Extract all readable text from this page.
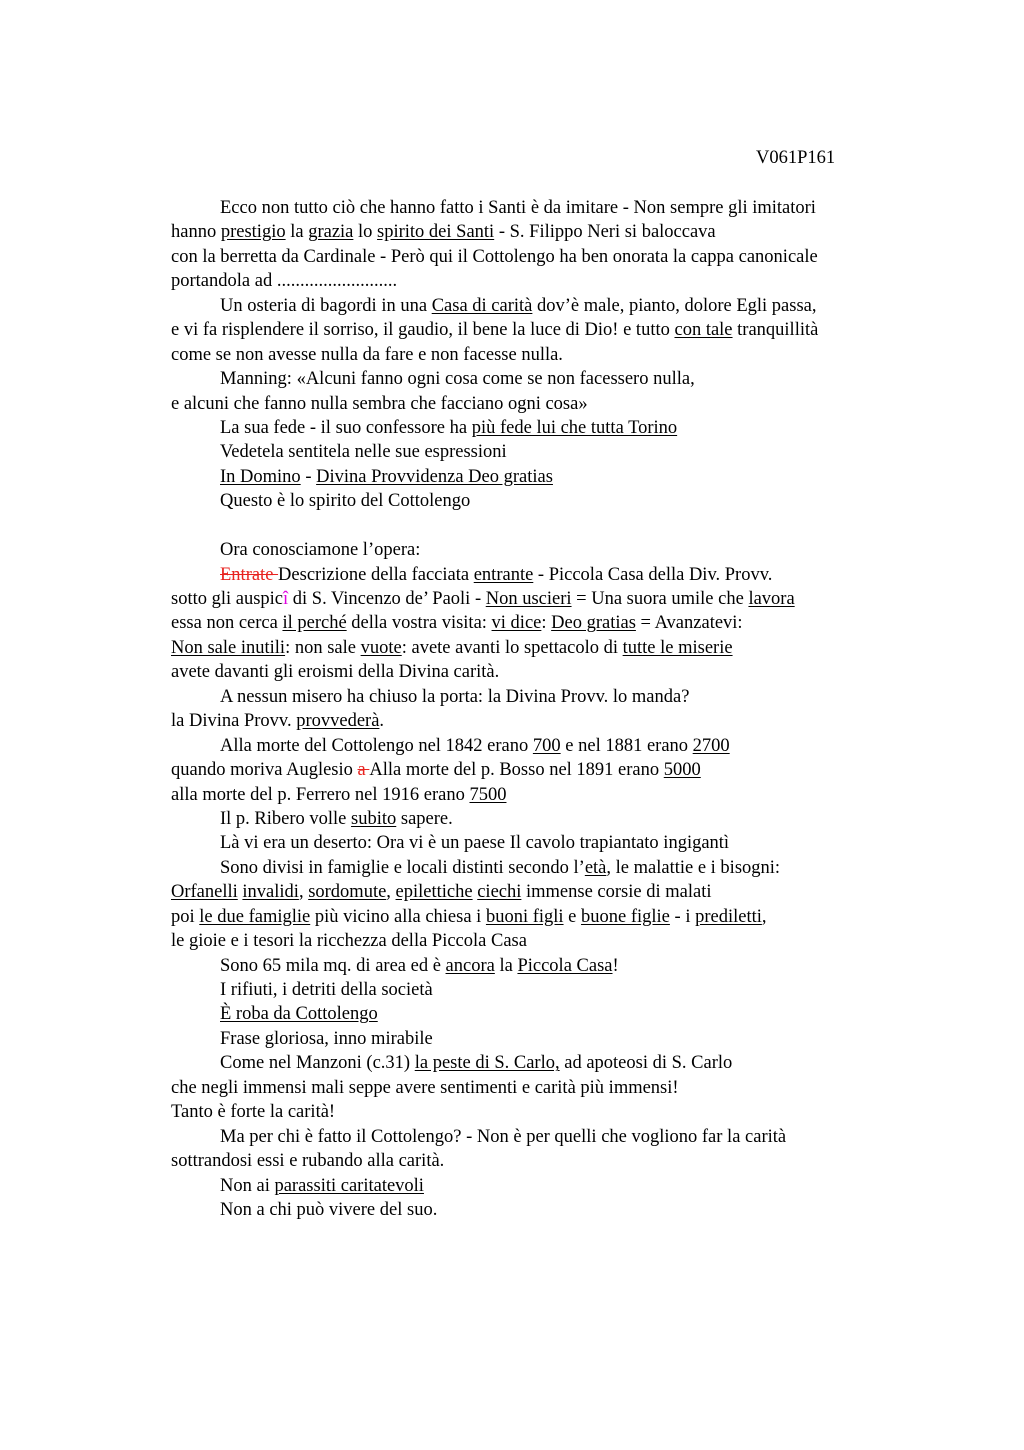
V061P161
Ecco non tutto ciò che hanno fatto i Santi è da imitare - Non sempre gli imitatori
hanno prestigio la grazia lo spirito dei Santi - S. Filippo Neri si baloccava
con la berretta da Cardinale - Però qui il Cottolengo ha ben onorata la cappa canonicale
portandola ad ..........................
Un osteria di bagordi in una Casa di carità dov’è male, pianto, dolore Egli passa,
e vi fa risplendere il sorriso, il gaudio, il bene la luce di Dio! e tutto con tale tranquillità
come se non avesse nulla da fare e non facesse nulla.
Manning: «Alcuni fanno ogni cosa come se non facessero nulla,
e alcuni che fanno nulla sembra che facciano ogni cosa»
La sua fede - il suo confessore ha più fede lui che tutta Torino
Vedetela sentitela nelle sue espressioni
In Domino - Divina Provvidenza Deo gratias
Questo è lo spirito del Cottolengo
Ora conosciamone l’opera:
Entrate Descrizione della facciata entrante - Piccola Casa della Div. Provv.
sotto gli auspicî di S. Vincenzo de’ Paoli - Non uscieri = Una suora umile che lavora
essa non cerca il perché della vostra visita: vi dice: Deo gratias = Avanzatevi:
Non sale inutili: non sale vuote: avete avanti lo spettacolo di tutte le miserie
avete davanti gli eroismi della Divina carità.
A nessun misero ha chiuso la porta: la Divina Provv. lo manda?
la Divina Provv. provvederà.
Alla morte del Cottolengo nel 1842 erano 700 e nel 1881 erano 2700
quando moriva Auglesio a Alla morte del p. Bosso nel 1891 erano 5000
alla morte del p. Ferrero nel 1916 erano 7500
Il p. Ribero volle subito sapere.
Là vi era un deserto: Ora vi è un paese Il cavolo trapiantato ingigantì
Sono divisi in famiglie e locali distinti secondo l’età, le malattie e i bisogni:
Orfanelli invalidi, sordomute, epilettiche ciechi immense corsie di malati
poi le due famiglie più vicino alla chiesa i buoni figli e buone figlie - i prediletti,
le gioie e i tesori la ricchezza della Piccola Casa
Sono 65 mila mq. di area ed è ancora la Piccola Casa!
I rifiuti, i detriti della società
È roba da Cottolengo
Frase gloriosa, inno mirabile
Come nel Manzoni (c.31) la peste di S. Carlo, ad apoteosi di S. Carlo
che negli immensi mali seppe avere sentimenti e carità più immensi!
Tanto è forte la carità!
Ma per chi è fatto il Cottolengo? - Non è per quelli che vogliono far la carità
sottrandosi essi e rubando alla carità.
Non ai parassiti caritatevoli
Non a chi può vivere del suo.
